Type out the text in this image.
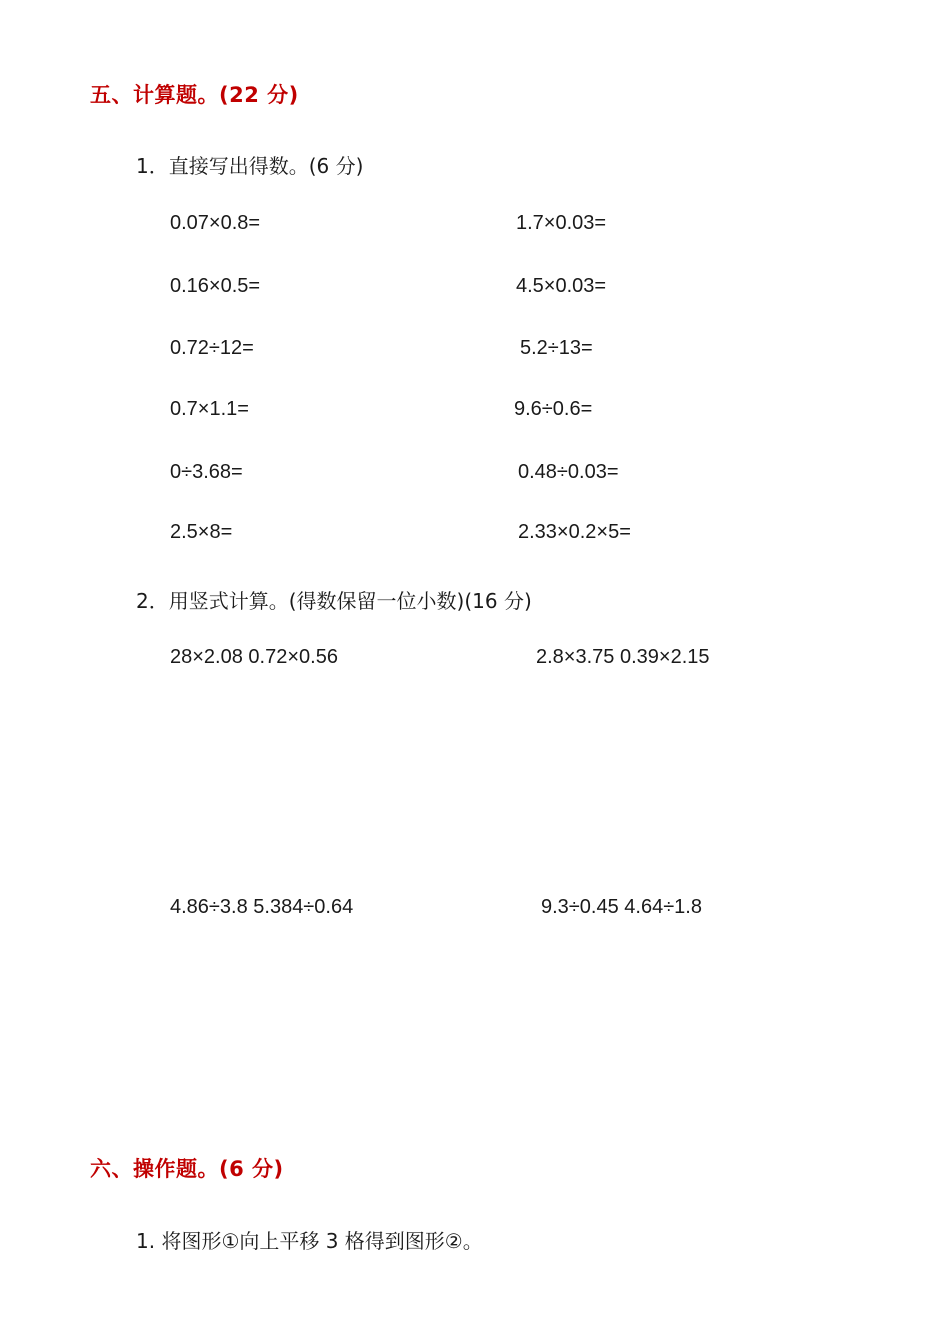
五、计算题。(22 分)
1．直接写出得数。(6 分)
0.07×0.8=	1.7×0.03=
0.16×0.5=	4.5×0.03=
0.72÷12=	5.2÷13=
0.7×1.1=	9.6÷0.6=
0÷3.68=	0.48÷0.03=
2.5×8=	2.33×0.2×5=
2．用竖式计算。(得数保留一位小数)(16 分)
28×2.08 0.72×0.56	2.8×3.75 0.39×2.15
4.86÷3.8 5.384÷0.64	9.3÷0.45 4.64÷1.8
六、操作题。(6 分)
1. 将图形①向上平移 3 格得到图形②。
